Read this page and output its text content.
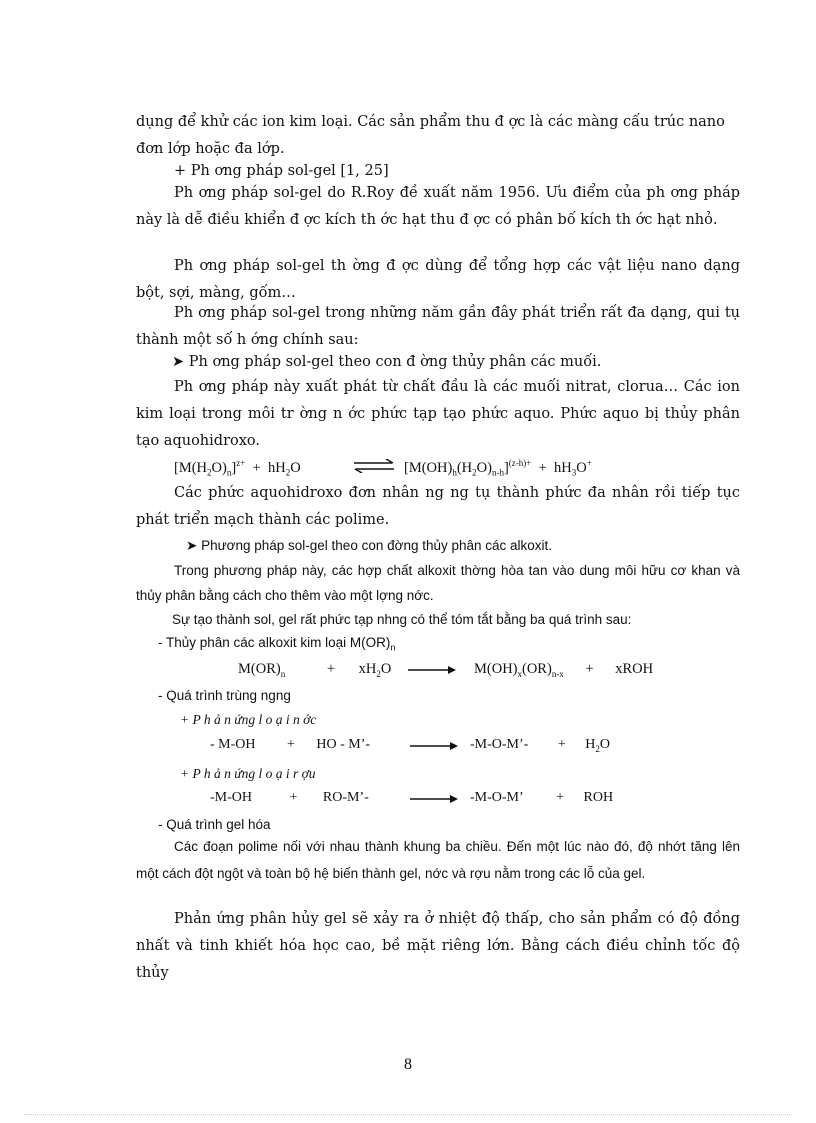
dụng để khử các ion kim loại. Các sản phẩm thu đ ợc là các màng cấu trúc nano
đơn lớp hoặc đa lớp.
+ Ph ơng pháp sol-gel [1, 25]
Ph ơng pháp sol-gel do R.Roy đề xuất năm 1956. Ưu điểm của ph ơng pháp này là dễ điều khiển đ ợc kích th ớc hạt thu đ ợc có phân bố kích th ớc hạt nhỏ.
Ph ơng pháp sol-gel th ờng đ ợc dùng để tổng hợp các vật liệu nano dạng bột, sợi, màng, gốm…
Ph ơng pháp sol-gel trong những năm gần đây phát triển rất đa dạng, qui tụ thành một số h ớng chính sau:
➤ Ph ơng pháp sol-gel theo con đ ờng thủy phân các muối.
Ph ơng pháp này xuất phát từ chất đầu là các muối nitrat, clorua… Các ion kim loại trong môi tr ờng n ớc phức tạp tạo phức aquo. Phức aquo bị thủy phân tạo aquohidroxo.
$[M(H_2O)_n]^{z+} + hH_2O$	⇌ $[M(OH)_h(H_2O)_{n-h}]^{(z-h)+} + hH_3O^+$
Các phức aquohidroxo đơn nhân ng ng tụ thành phức đa nhân rồi tiếp tục phát triển mạch thành các polime.
➤ Phương pháp sol-gel theo con đờng thủy phân các alkoxit.
Trong phương pháp này, các hợp chất alkoxit thờng hòa tan vào dung môi hữu cơ khan và thủy phân bằng cách cho thêm vào một lợng nớc.
Sự tạo thành sol, gel rất phức tạp nhng có thể tóm tắt bằng ba quá trình sau:
- Thủy phân các alkoxit kim loại $M(OR)_n$
$M(OR)_n$	+ $xH_2O \to M(OH)_x(OR)_{n-x}$ + xROH
- Quá trình trùng ngng
+ P h ả n ứng l o ạ i n ớc
- M-OH + HO - M’- → -M-O-M’- + $H_2O$
+ P h ả n ứng l o ạ i r ợu
-M-OH	+ RO-M’-	→ -M-O-M’ + ROH
- Quá trình gel hóa
Các đoạn polime nối với nhau thành khung ba chiều. Đến một lúc nào đó, độ nhớt tăng lên một cách đột ngột và toàn bộ hệ biến thành gel, nớc và rợu nằm trong các lỗ của gel.
Phản ứng phân hủy gel sẽ xảy ra ở nhiệt độ thấp, cho sản phẩm có độ đồng nhất và tinh khiết hóa học cao, bề mặt riêng lớn. Bằng cách điều chỉnh tốc độ thủy
8
